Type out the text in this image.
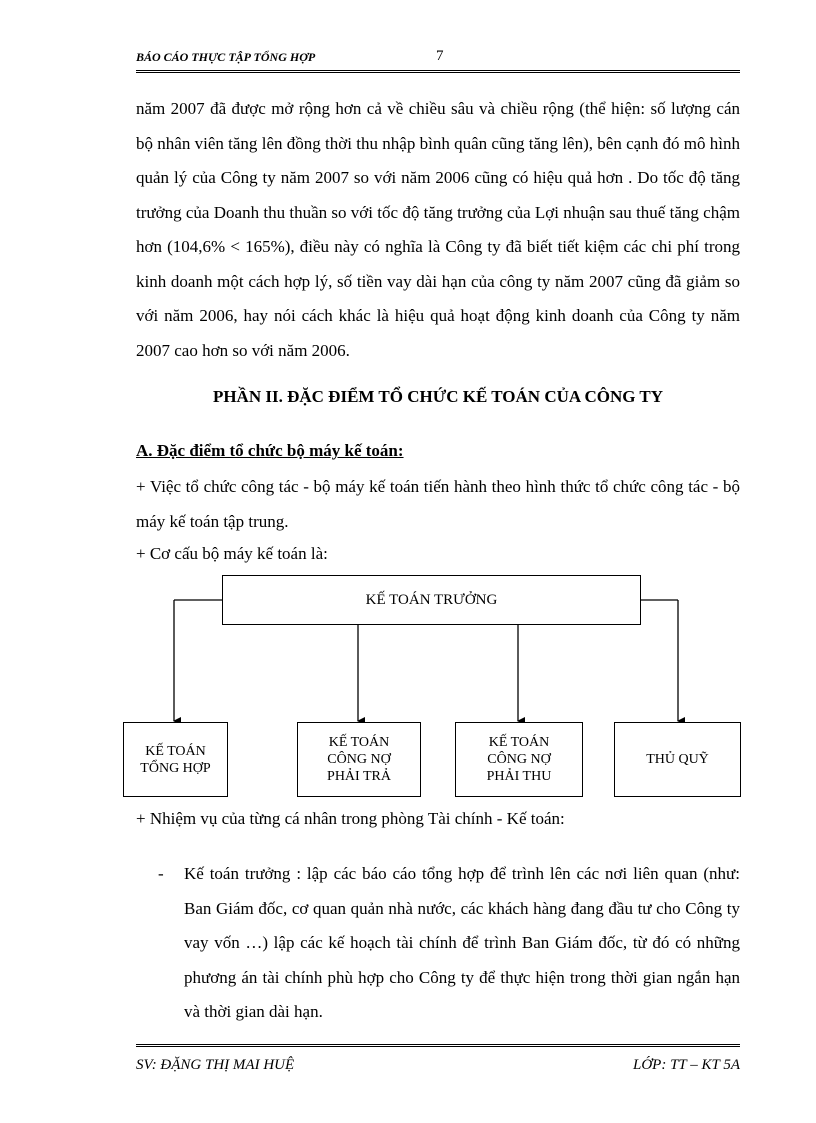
BÁO CÁO THỰC TẬP TỔNG HỢP	7
năm 2007 đã được mở rộng hơn cả về chiều sâu và chiều rộng (thể hiện: số lượng cán bộ nhân viên tăng lên đồng thời thu nhập bình quân cũng tăng lên), bên cạnh đó mô hình quản lý của Công ty năm 2007 so với năm 2006 cũng có hiệu quả hơn . Do tốc độ tăng trưởng của Doanh thu thuần so với tốc độ tăng trưởng của Lợi nhuận sau thuế tăng chậm hơn (104,6% < 165%), điều này có nghĩa là Công ty đã biết tiết kiệm các chi phí trong kinh doanh một cách hợp lý, số tiền vay dài hạn của công ty năm 2007 cũng đã giảm so với năm 2006, hay nói cách khác là hiệu quả hoạt động kinh doanh của Công ty năm 2007 cao hơn so với năm 2006.
PHẦN II. ĐẶC ĐIỂM TỔ CHỨC KẾ TOÁN CỦA CÔNG TY
A. Đặc điểm tổ chức bộ máy kế toán:
+ Việc tổ chức công tác - bộ máy kế toán tiến hành theo hình thức tổ chức công tác - bộ máy kế toán tập trung.
+ Cơ cấu bộ máy kế toán là:
KẾ TOÁN TRƯỞNG
KẾ TOÁN TỔNG HỢP
KẾ TOÁN CÔNG NỢ PHẢI TRẢ
KẾ TOÁN CÔNG NỢ PHẢI THU
THỦ QUỸ
+ Nhiệm vụ của từng cá nhân trong phòng Tài chính - Kế toán:
- Kế toán trưởng : lập các báo cáo tổng hợp để trình lên các nơi liên quan (như: Ban Giám đốc, cơ quan quản nhà nước, các khách hàng đang đầu tư cho Công ty vay vốn …) lập các kế hoạch tài chính để trình Ban Giám đốc, từ đó có những phương án tài chính phù hợp cho Công ty để thực hiện trong thời gian ngắn hạn và thời gian dài hạn.
SV: ĐẶNG THỊ MAI HUỆ	LỚP: TT – KT 5A
